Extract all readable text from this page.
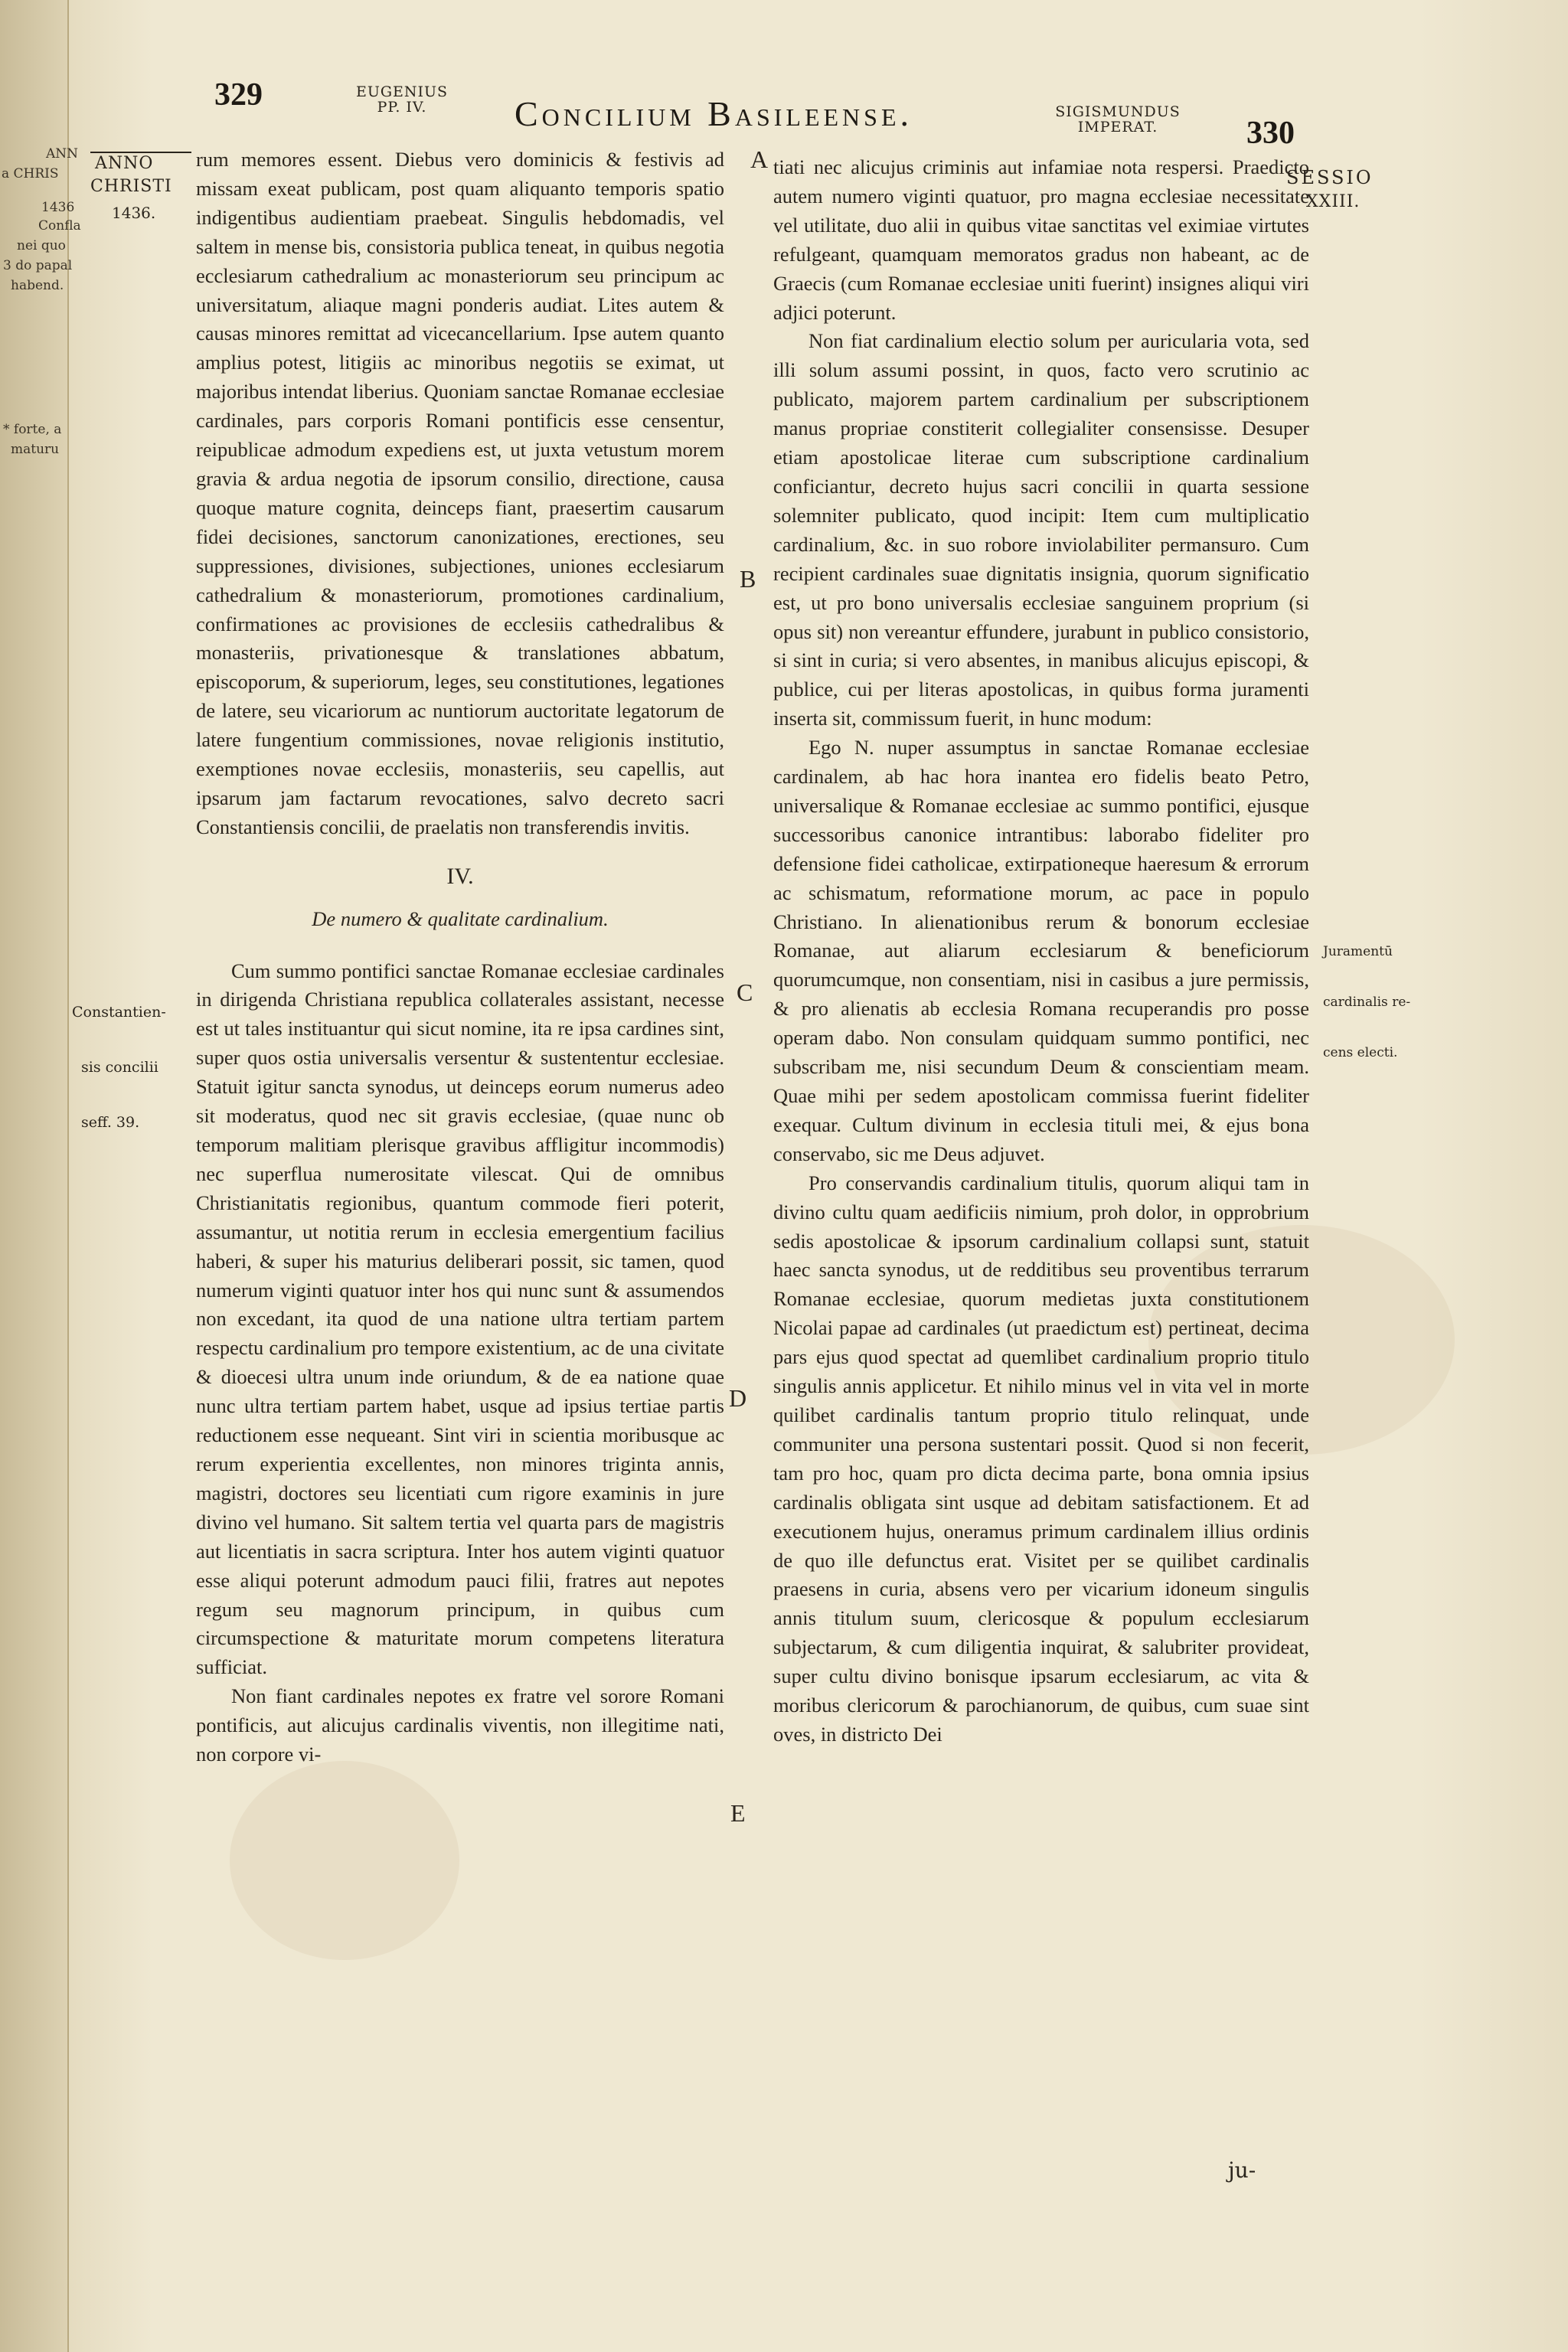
ANN
a CHRIS
1436
Confla
nei quo
3 do papal
habend.
* forte, a
maturu
329	EUGENIUS
PP. IV.	Concilium Basileense.	SIGISMUNDUS
IMPERAT.	330
ANNO
CHRISTI
1436.

Constantien-

sis concilii

seff. 39.

SESSIO
XXIII.

Juramentū

cardinalis re-

cens electi.

A
B
C
D
E

rum memores essent. Diebus vero dominicis & festivis ad missam exeat publicam, post quam aliquanto temporis spatio indigentibus audientiam praebeat. Singulis hebdomadis, vel saltem in mense bis, consistoria publica teneat, in quibus negotia ecclesiarum cathedralium ac monasteriorum seu principum ac universitatum, aliaque magni ponderis audiat. Lites autem & causas minores remittat ad vicecancellarium. Ipse autem quanto amplius potest, litigiis ac minoribus negotiis se eximat, ut majoribus intendat liberius. Quoniam sanctae Romanae ecclesiae cardinales, pars corporis Romani pontificis esse censentur, reipublicae admodum expediens est, ut juxta vetustum morem gravia & ardua negotia de ipsorum consilio, directione, causa quoque mature cognita, deinceps fiant, praesertim causarum fidei decisiones, sanctorum canonizationes, erectiones, seu suppressiones, divisiones, subjectiones, uniones ecclesiarum cathedralium & monasteriorum, promotiones cardinalium, confirmationes ac provisiones de ecclesiis cathedralibus & monasteriis, privationesque & translationes abbatum, episcoporum, & superiorum, leges, seu constitutiones, legationes de latere, seu vicariorum ac nuntiorum auctoritate legatorum de latere fungentium commissiones, novae religionis institutio, exemptiones novae ecclesiis, monasteriis, seu capellis, aut ipsarum jam factarum revocationes, salvo decreto sacri Constantiensis concilii, de praelatis non transferendis invitis.

IV.

De numero & qualitate cardinalium.

Cum summo pontifici sanctae Romanae ecclesiae cardinales in dirigenda Christiana republica collaterales assistant, necesse est ut tales instituantur qui sicut nomine, ita re ipsa cardines sint, super quos ostia universalis versentur & sustententur ecclesiae. Statuit igitur sancta synodus, ut deinceps eorum numerus adeo sit moderatus, quod nec sit gravis ecclesiae, (quae nunc ob temporum malitiam plerisque gravibus affligitur incommodis) nec superflua numerositate vilescat. Qui de omnibus Christianitatis regionibus, quantum commode fieri poterit, assumantur, ut notitia rerum in ecclesia emergentium facilius haberi, & super his maturius deliberari possit, sic tamen, quod numerum viginti quatuor inter hos qui nunc sunt & assumendos non excedant, ita quod de una natione ultra tertiam partem respectu cardinalium pro tempore existentium, ac de una civitate & dioecesi ultra unum inde oriundum, & de ea natione quae nunc ultra tertiam partem habet, usque ad ipsius tertiae partis reductionem esse nequeant. Sint viri in scientia moribusque ac rerum experientia excellentes, non minores triginta annis, magistri, doctores seu licentiati cum rigore examinis in jure divino vel humano. Sit saltem tertia vel quarta pars de magistris aut licentiatis in sacra scriptura. Inter hos autem viginti quatuor esse aliqui poterunt admodum pauci filii, fratres aut nepotes regum seu magnorum principum, in quibus cum circumspectione & maturitate morum competens literatura sufficiat.

Non fiant cardinales nepotes ex fratre vel sorore Romani pontificis, aut alicujus cardinalis viventis, non illegitime nati, non corpore vi-

tiati nec alicujus criminis aut infamiae nota respersi. Praedicto autem numero viginti quatuor, pro magna ecclesiae necessitate vel utilitate, duo alii in quibus vitae sanctitas vel eximiae virtutes refulgeant, quamquam memoratos gradus non habeant, ac de Graecis (cum Romanae ecclesiae uniti fuerint) insignes aliqui viri adjici poterunt.

Non fiat cardinalium electio solum per auricularia vota, sed illi solum assumi possint, in quos, facto vero scrutinio ac publicato, majorem partem cardinalium per subscriptionem manus propriae constiterit collegialiter consensisse. Desuper etiam apostolicae literae cum subscriptione cardinalium conficiantur, decreto hujus sacri concilii in quarta sessione solemniter publicato, quod incipit: Item cum multiplicatio cardinalium, &c. in suo robore inviolabiliter permansuro. Cum recipient cardinales suae dignitatis insignia, quorum significatio est, ut pro bono universalis ecclesiae sanguinem proprium (si opus sit) non vereantur effundere, jurabunt in publico consistorio, si sint in curia; si vero absentes, in manibus alicujus episcopi, & publice, cui per literas apostolicas, in quibus forma juramenti inserta sit, commissum fuerit, in hunc modum:

Ego N. nuper assumptus in sanctae Romanae ecclesiae cardinalem, ab hac hora inantea ero fidelis beato Petro, universalique & Romanae ecclesiae ac summo pontifici, ejusque successoribus canonice intrantibus: laborabo fideliter pro defensione fidei catholicae, extirpationeque haeresum & errorum ac schismatum, reformatione morum, ac pace in populo Christiano. In alienationibus rerum & bonorum ecclesiae Romanae, aut aliarum ecclesiarum & beneficiorum quorumcumque, non consentiam, nisi in casibus a jure permissis, & pro alienatis ab ecclesia Romana recuperandis pro posse operam dabo. Non consulam quidquam summo pontifici, nec subscribam me, nisi secundum Deum & conscientiam meam. Quae mihi per sedem apostolicam commissa fuerint fideliter exequar. Cultum divinum in ecclesia tituli mei, & ejus bona conservabo, sic me Deus adjuvet.

Pro conservandis cardinalium titulis, quorum aliqui tam in divino cultu quam aedificiis nimium, proh dolor, in opprobrium sedis apostolicae & ipsorum cardinalium collapsi sunt, statuit haec sancta synodus, ut de redditibus seu proventibus terrarum Romanae ecclesiae, quorum medietas juxta constitutionem Nicolai papae ad cardinales (ut praedictum est) pertineat, decima pars ejus quod spectat ad quemlibet cardinalium proprio titulo singulis annis applicetur. Et nihilo minus vel in vita vel in morte quilibet cardinalis tantum proprio titulo relinquat, unde communiter una persona sustentari possit. Quod si non fecerit, tam pro hoc, quam pro dicta decima parte, bona omnia ipsius cardinalis obligata sint usque ad debitam satisfactionem. Et ad executionem hujus, oneramus primum cardinalem illius ordinis de quo ille defunctus erat. Visitet per se quilibet cardinalis praesens in curia, absens vero per vicarium idoneum singulis annis titulum suum, clericosque & populum ecclesiarum subjectarum, & cum diligentia inquirat, & salubriter provideat, super cultu divino bonisque ipsarum ecclesiarum, ac vita & moribus clericorum & parochianorum, de quibus, cum suae sint oves, in districto Dei

ju-
